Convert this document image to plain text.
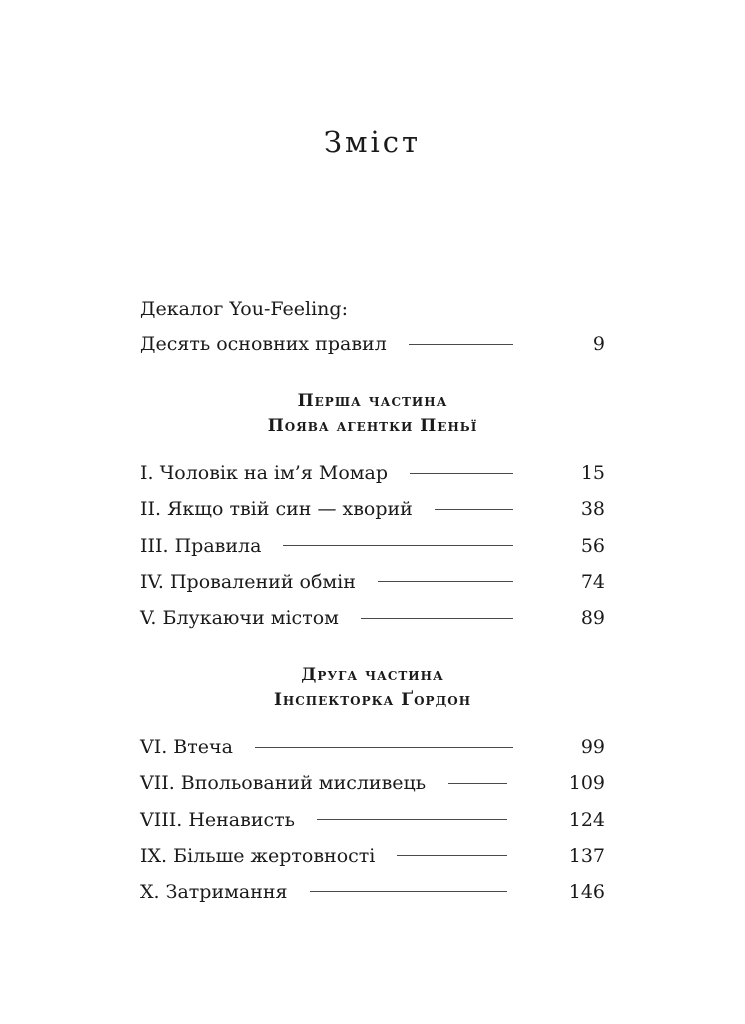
Зміст
Декалог You-Feeling:
Десять основних правил	9
Перша частина
Поява агентки Пеньї
I. Чоловік на ім’я Момар	15
II. Якщо твій син — хворий	38
III. Правила	56
IV. Провалений обмін	74
V. Блукаючи містом	89
Друга частина
Інспекторка Ґордон
VI. Втеча	99
VII. Впольований мисливець	109
VIII. Ненависть	124
IX. Більше жертовності	137
X. Затримання	146
